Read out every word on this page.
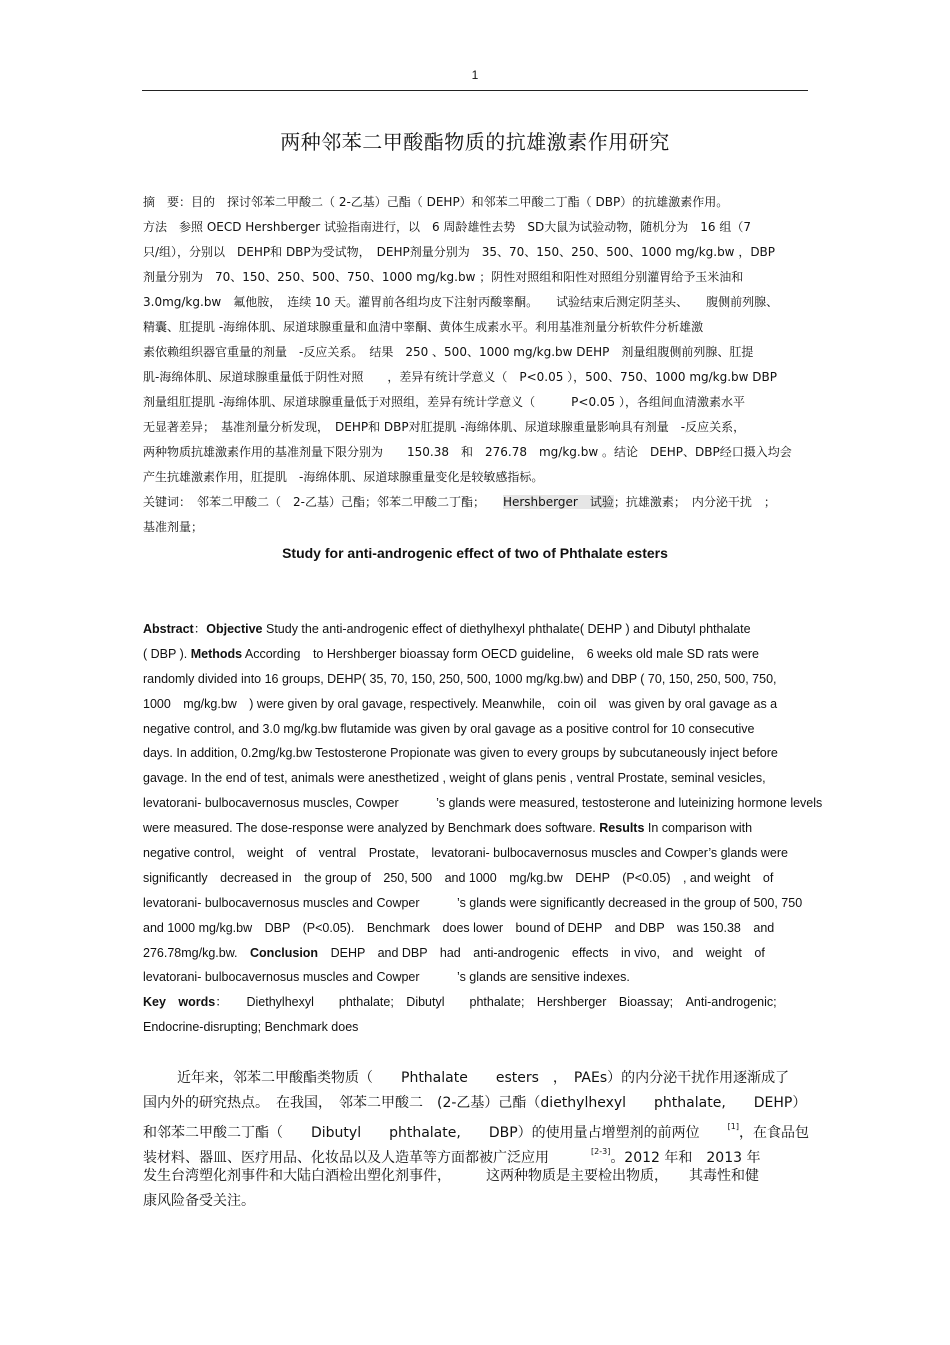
1
两种邻苯二甲酸酯物质的抗雄激素作用研究
摘　要：目的　探讨邻苯二甲酸二（ 2-乙基）己酯（ DEHP）和邻苯二甲酸二丁酯（ DBP）的抗雄激素作用。
方法　参照 OECD Hershberger 试验指南进行，以　6 周龄雄性去势　SD大鼠为试验动物，随机分为　16 组（7
只/组），分别以　DEHP和 DBP为受试物，　DEHP剂量分别为　35、70、150、250、500、1000 mg/kg.bw ，DBP
剂量分别为　70、150、250、500、750、1000 mg/kg.bw ；阴性对照组和阳性对照组分别灌胃给予玉米油和
3.0mg/kg.bw　氟他胺，　连续 10 天。灌胃前各组均皮下注射丙酸睾酮。　　试验结束后测定阴茎头、　　腹侧前列腺、
精囊、肛提肌 -海绵体肌、尿道球腺重量和血清中睾酮、黄体生成素水平。利用基准剂量分析软件分析雄激
素依赖组织器官重量的剂量　-反应关系。　结果　250 、500、1000 mg/kg.bw DEHP　剂量组腹侧前列腺、肛提
肌-海绵体肌、尿道球腺重量低于阴性对照　　，差异有统计学意义（　P<0.05 ），500、750、1000 mg/kg.bw DBP
剂量组肛提肌 -海绵体肌、尿道球腺重量低于对照组，差异有统计学意义（　　　P<0.05 ），各组间血清激素水平
无显著差异；　基准剂量分析发现，　DEHP和 DBP对肛提肌 -海绵体肌、尿道球腺重量影响具有剂量　-反应关系，
两种物质抗雄激素作用的基准剂量下限分别为　　150.38　和　276.78　mg/kg.bw 。结论　DEHP、DBP经口摄入均会
产生抗雄激素作用，肛提肌　-海绵体肌、尿道球腺重量变化是较敏感指标。
关键词：　邻苯二甲酸二（　2-乙基）己酯；邻苯二甲酸二丁酯；　　Hershberger　试验；抗雄激素；　内分泌干扰　；
基准剂量；
Study for anti-androgenic effect of two of Phthalate esters
Abstract：Objective Study the anti-androgenic effect of diethylhexyl phthalate( DEHP ) and Dibutyl phthalate
( DBP ). Methods According　to Hershberger bioassay form OECD guideline,　6 weeks old male SD rats were
randomly divided into 16 groups, DEHP( 35, 70, 150, 250, 500, 1000 mg/kg.bw) and DBP ( 70, 150, 250, 500, 750,
1000　mg/kg.bw　) were given by oral gavage, respectively. Meanwhile,　coin oil　was given by oral gavage as a
negative control, and 3.0 mg/kg.bw flutamide was given by oral gavage as a positive control for 10 consecutive
days. In addition, 0.2mg/kg.bw Testosterone Propionate was given to every groups by subcutaneously inject before
gavage. In the end of test, animals were anesthetized , weight of glans penis , ventral Prostate, seminal vesicles,
levatorani- bulbocavernosus muscles, Cowper　　　’s glands were measured, testosterone and luteinizing hormone levels
were measured. The dose-response were analyzed by Benchmark does software. Results In comparison with
negative control,　weight　of　ventral　Prostate,　levatorani- bulbocavernosus muscles and Cowper’s glands were
significantly　decreased in　the group of　250, 500　and 1000　mg/kg.bw　DEHP　(P<0.05)　, and weight　of
levatorani- bulbocavernosus muscles and Cowper　　　’s glands were significantly decreased in the group of 500, 750
and 1000 mg/kg.bw　DBP　(P<0.05).　Benchmark　does lower　bound of DEHP　and DBP　was 150.38　and
276.78mg/kg.bw.　Conclusion　DEHP　and DBP　had　anti-androgenic　effects　in vivo,　and　weight　of
levatorani- bulbocavernosus muscles and Cowper　　　’s glands are sensitive indexes.
Key　words：　　Diethylhexyl　　phthalate;　Dibutyl　　phthalate;　Hershberger　Bioassay;　Anti-androgenic;
Endocrine-disrupting; Benchmark does
近年来，邻苯二甲酸酯类物质（　　Phthalate　　esters　，　PAEs）的内分泌干扰作用逐渐成了
国内外的研究热点。　在我国，　邻苯二甲酸二　(2-乙基）己酯（diethylhexyl　　phthalate,　　DEHP）
和邻苯二甲酸二丁酯（　　Dibutyl　　phthalate,　　DBP）的使用量占增塑剂的前两位　　[1]，在食品包
装材料、器皿、医疗用品、化妆品以及人造革等方面都被广泛应用　　　[2-3]。2012 年和　2013 年
发生台湾塑化剂事件和大陆白酒检出塑化剂事件，　　　这两种物质是主要检出物质，　　其毒性和健
康风险备受关注。
